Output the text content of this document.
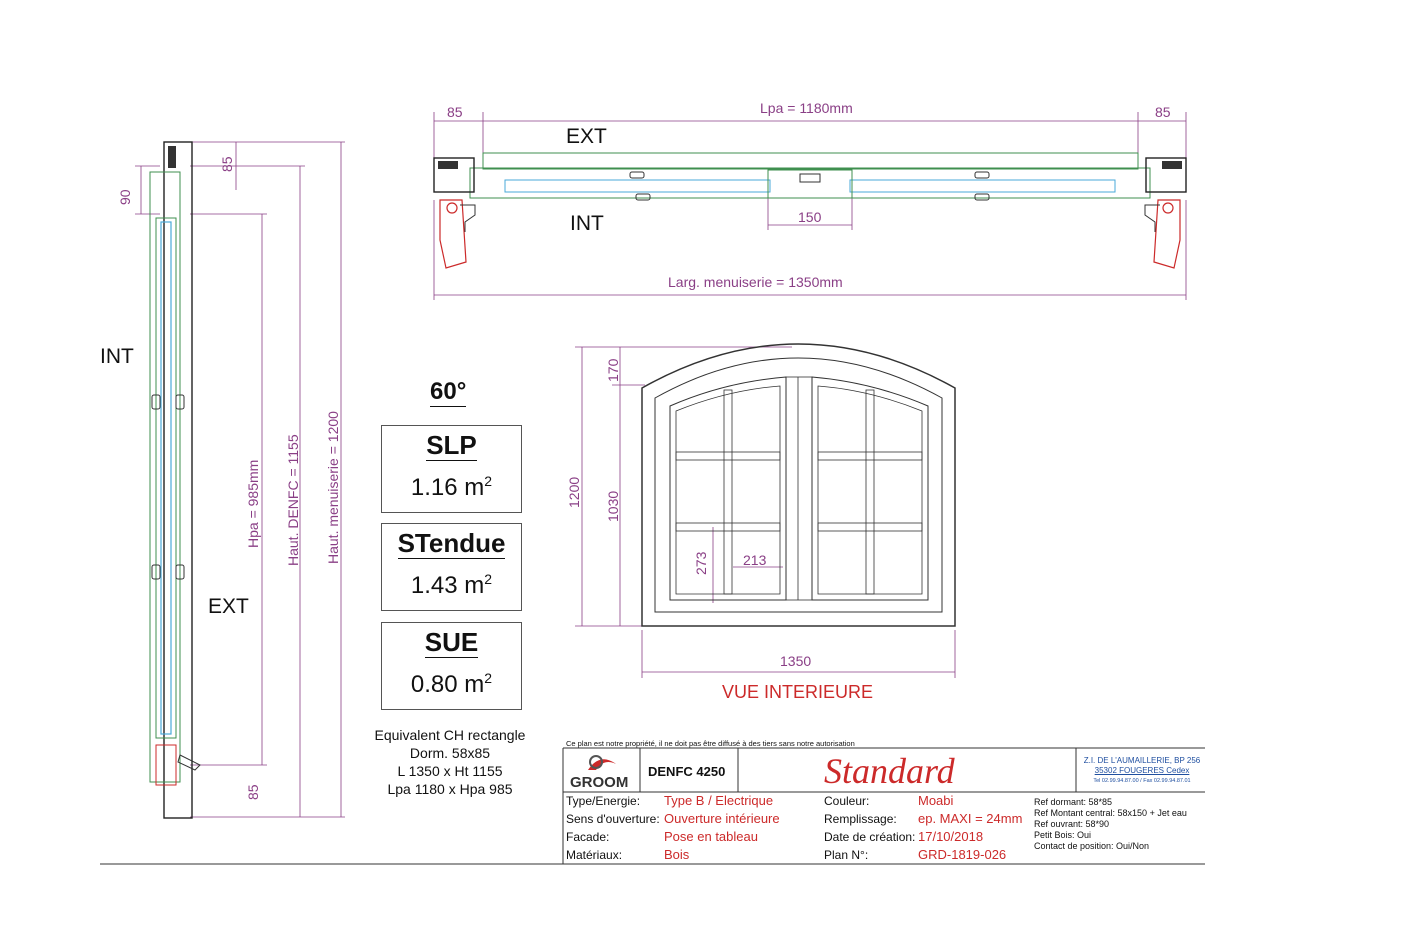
85	Lpa = 1180mm	85
150
Larg. menuiserie = 1350mm
EXT
INT
90
85
Hpa = 985mm Haut. DENFC = 1155 Haut. menuiserie = 1200
85
INT
EXT
170
1200 1030
273 213
1350
VUE INTERIEURE
60°
SLP
1.16 $m^2$
STendue
1.43 $m^2$
SUE
0.80 $m^2$
Equivalent CH rectangle
Dorm. 58x85
L 1350 x Ht 1155
Lpa 1180 x Hpa 985
Ce plan est notre propriété, il ne doit pas être diffusé à des tiers sans notre autorisation
GROOM
DENFC 4250	Standard	Z.I. DE L'AUMAILLERIE, BP 256
35302 FOUGERES Cedex
Tel 02.99.94.87.00 / Fax 02.99.94.87.01
Type/Energie: Type B / Electrique
Sens d'ouverture: Ouverture intérieure
Facade:	Pose en tableau
Matériaux:	Bois
Couleur:	Moabi
Remplissage: ep. MAXI = 24mm
Date de création: 17/10/2018
Plan N°:	GRD-1819-026
Ref dormant: 58*85
Ref Montant central: 58x150 + Jet eau
Ref ouvrant: 58*90
Petit Bois: Oui
Contact de position: Oui/Non
